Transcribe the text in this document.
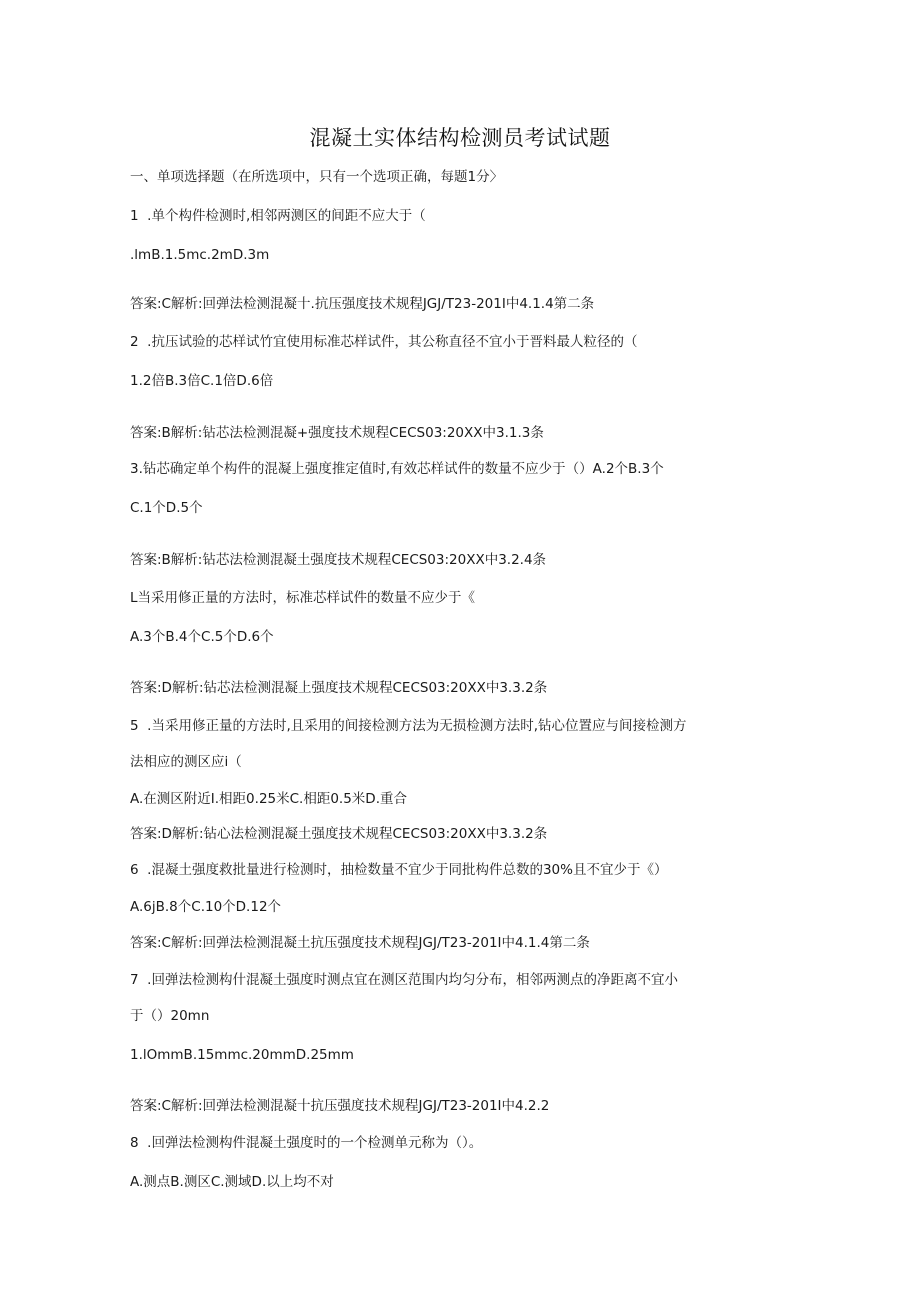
混凝土实体结构检测员考试试题
一、单项选择题（在所选项中，只有一个选项正确，每题1分〉
1  .单个构件检测时,相邻两测区的间距不应大于（
.lmB.1.5mc.2mD.3m
答案:C解析:回弹法检测混凝十.抗压强度技术规程JGJ/T23-201I中4.1.4第二条
2  .抗压试验的芯样试竹宜使用标准芯样试件，其公称直径不宜小于晋料最人粒径的（
1.2倍B.3倍C.1倍D.6倍
答案:B解析:钻芯法检测混凝+强度技术规程CECS03:20XX中3.1.3条
3.钻芯确定单个构件的混凝上强度推定值时,有效芯样试件的数量不应少于（）A.2个B.3个
C.1个D.5个
答案:B解析:钻芯法检测混凝土强度技术规程CECS03:20XX中3.2.4条
L当采用修正量的方法时，标准芯样试件的数量不应少于《
A.3个B.4个C.5个D.6个
答案:D解析:钻芯法检测混凝上强度技术规程CECS03:20XX中3.3.2条
5  .当采用修正量的方法时,且采用的间接检测方法为无损检测方法时,钻心位置应与间接检测方
法相应的测区应i（
A.在测区附近I.相距0.25米C.相距0.5米D.重合
答案:D解析:钻心法检测混凝土强度技术规程CECS03:20XX中3.3.2条
6  .混凝土强度救批量进行检测时，抽检数量不宜少于同批构件总数的30%且不宜少于《）
A.6jB.8个C.10个D.12个
答案:C解析:回弹法检测混凝土抗压强度技术规程JGJ/T23-201I中4.1.4第二条
7  .回弹法检测构什混凝土强度时测点宜在测区范围内均匀分布，相邻两测点的净距离不宜小
于（）20mn
1.lOmmB.15mmc.20mmD.25mm
答案:C解析:回弹法检测混凝十抗压强度技术规程JGJ/T23-201I中4.2.2
8  .回弹法检测构件混凝土强度时的一个检测单元称为（）。
A.测点B.测区C.测域D.以上均不对
